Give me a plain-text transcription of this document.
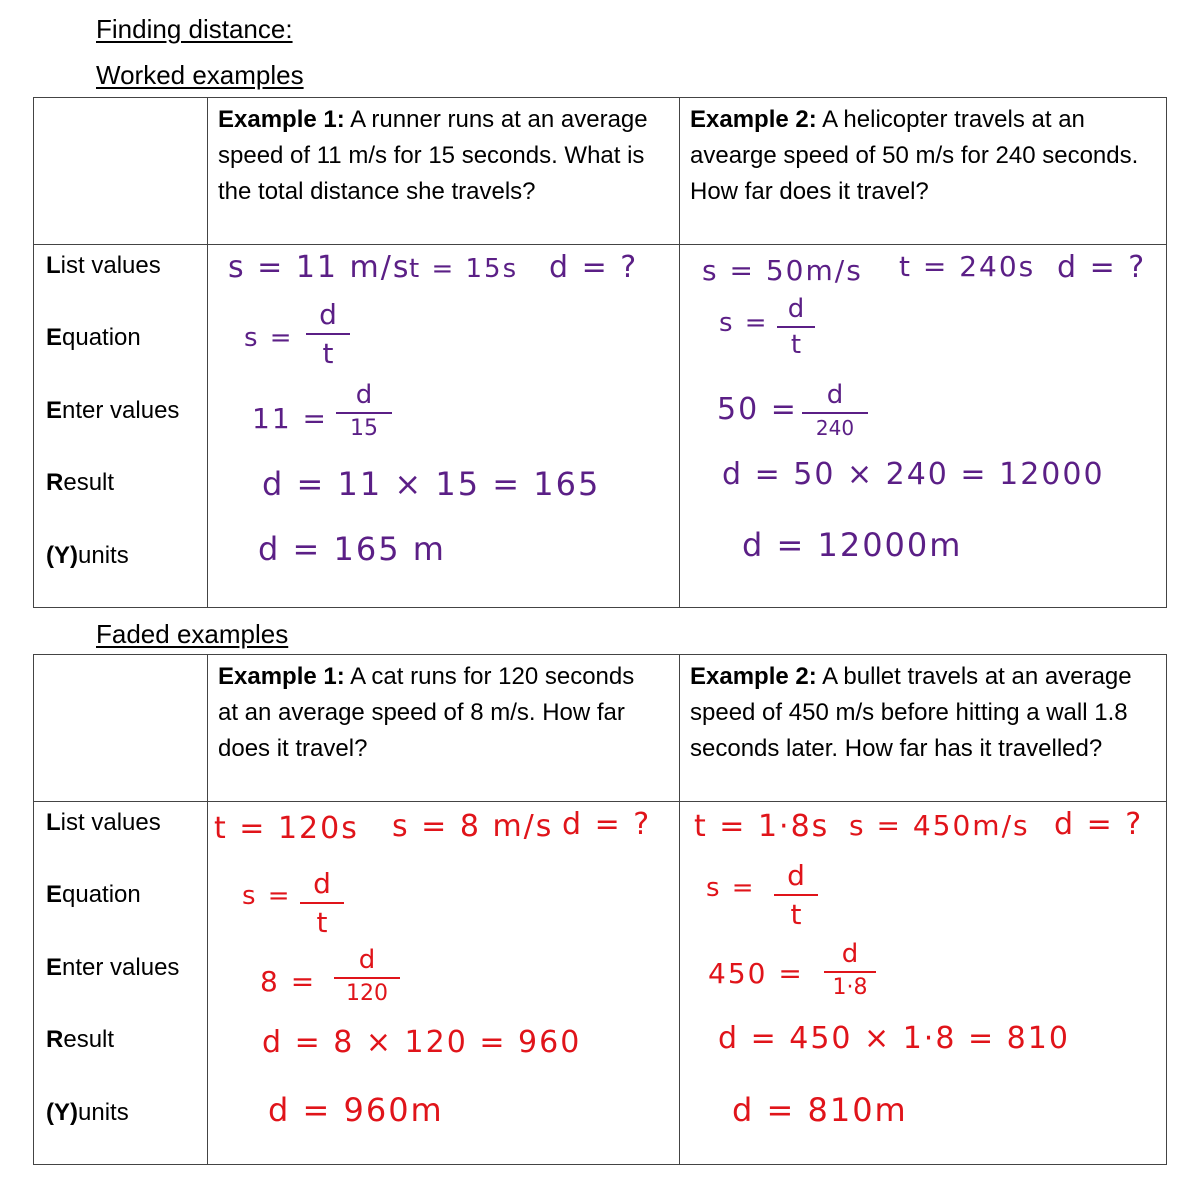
Finding distance:
Worked examples
Faded examples
Example 1: A runner runs at an average speed of 11 m/s for 15 seconds. What is the total distance she travels?
Example 2: A helicopter travels at an avearge speed of 50 m/s for 240 seconds. How far does it travel?
List values
Equation
Enter values
Result
(Y)units
s = 11 m/s
t = 15s d = ?
s =
d
t
11 =
d
15
d = 11 × 15 = 165
d = 165 m
s = 50m/s t = 240s d = ?
s = d
t
50 = d
240
d = 50 × 240 = 12000
d = 12000m
Example 1: A cat runs for 120 seconds at an average speed of 8 m/s. How far does it travel?
Example 2: A bullet travels at an average speed of 450 m/s before hitting a wall 1.8 seconds later. How far has it travelled?
List values
Equation
Enter values
Result
(Y)units
t = 120s s = 8 m/s d = ?
s = d
t
8 =
d
120
d = 8 × 120 = 960
d = 960m
t = 1·8s s = 450m/s d = ?
s = d
t
450 =
d
1·8
d = 450 × 1·8 = 810
d = 810m
